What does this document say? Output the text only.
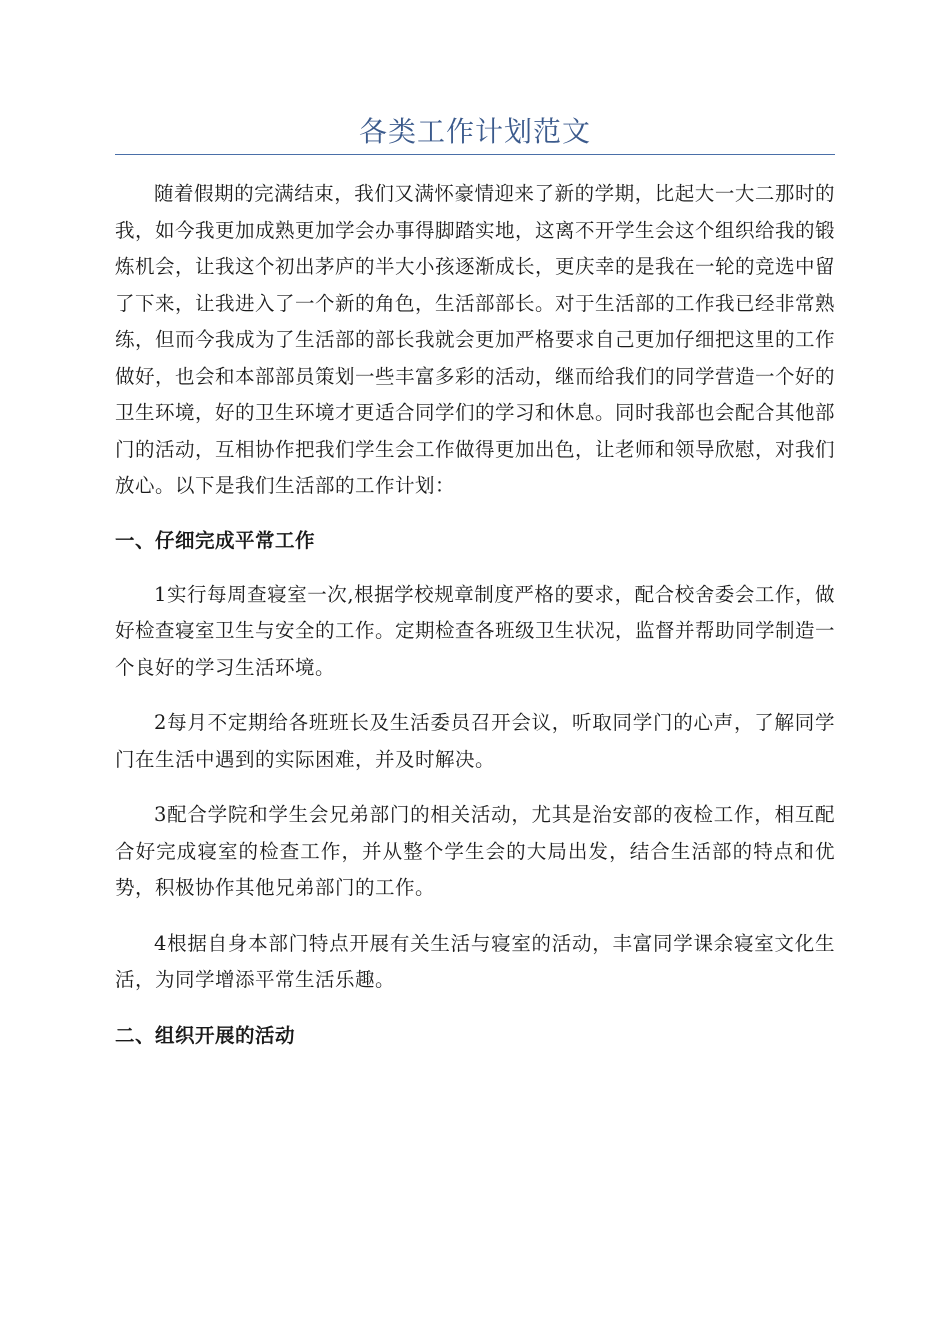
各类工作计划范文

随着假期的完满结束，我们又满怀豪情迎来了新的学期，比起大一大二那时的我，如今我更加成熟更加学会办事得脚踏实地，这离不开学生会这个组织给我的锻炼机会，让我这个初出茅庐的半大小孩逐渐成长，更庆幸的是我在一轮的竞选中留了下来，让我进入了一个新的角色，生活部部长。对于生活部的工作我已经非常熟练，但而今我成为了生活部的部长我就会更加严格要求自己更加仔细把这里的工作做好，也会和本部部员策划一些丰富多彩的活动，继而给我们的同学营造一个好的卫生环境，好的卫生环境才更适合同学们的学习和休息。同时我部也会配合其他部门的活动，互相协作把我们学生会工作做得更加出色，让老师和领导欣慰，对我们放心。以下是我们生活部的工作计划：

一、仔细完成平常工作

1实行每周查寝室一次,根据学校规章制度严格的要求，配合校舍委会工作，做好检查寝室卫生与安全的工作。定期检查各班级卫生状况，监督并帮助同学制造一个良好的学习生活环境。

2每月不定期给各班班长及生活委员召开会议，听取同学门的心声，了解同学门在生活中遇到的实际困难，并及时解决。

3配合学院和学生会兄弟部门的相关活动，尤其是治安部的夜检工作，相互配合好完成寝室的检查工作，并从整个学生会的大局出发，结合生活部的特点和优势，积极协作其他兄弟部门的工作。

4根据自身本部门特点开展有关生活与寝室的活动，丰富同学课余寝室文化生活，为同学增添平常生活乐趣。

二、组织开展的活动
